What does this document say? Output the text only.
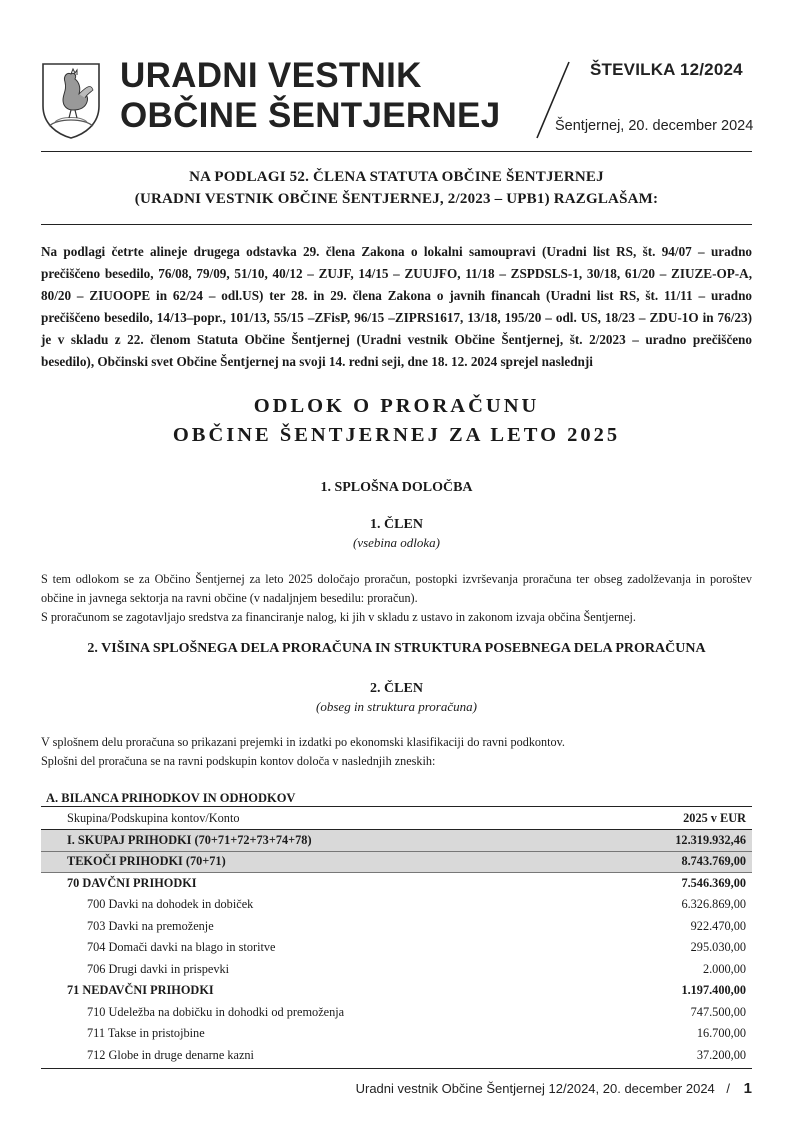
URADNI VESTNIK
OBČINE ŠENTJERNEJ
ŠTEVILKA 12/2024
Šentjernej, 20. december 2024
NA PODLAGI 52. ČLENA STATUTA OBČINE ŠENTJERNEJ
(URADNI VESTNIK OBČINE ŠENTJERNEJ, 2/2023 – UPB1) RAZGLAŠAM:
Na podlagi četrte alineje drugega odstavka 29. člena Zakona o lokalni samoupravi (Uradni list RS, št. 94/07 – uradno prečiščeno besedilo, 76/08, 79/09, 51/10, 40/12 – ZUJF, 14/15 – ZUUJFO, 11/18 – ZSPDSLS-1, 30/18, 61/20 – ZIUZE-OP-A, 80/20 – ZIUOOPE in 62/24 – odl.US) ter 28. in 29. člena Zakona o javnih financah (Uradni list RS, št. 11/11 – uradno prečiščeno besedilo, 14/13–popr., 101/13, 55/15 –ZFisP, 96/15 –ZIPRS1617, 13/18, 195/20 – odl. US, 18/23 – ZDU-1O in 76/23) je v skladu z 22. členom Statuta Občine Šentjernej (Uradni vestnik Občine Šentjernej, št. 2/2023 – uradno prečiščeno besedilo), Občinski svet Občine Šentjernej na svoji 14. redni seji, dne 18. 12. 2024 sprejel naslednji
ODLOK O PRORAČUNU
OBČINE ŠENTJERNEJ ZA LETO 2025
1. SPLOŠNA DOLOČBA
1. ČLEN
(vsebina odloka)

S tem odlokom se za Občino Šentjernej za leto 2025 določajo proračun, postopki izvrševanja proračuna ter obseg zadolževanja in poroštev občine in javnega sektorja na ravni občine (v nadaljnjem besedilu: proračun).

S proračunom se zagotavljajo sredstva za financiranje nalog, ki jih v skladu z ustavo in zakonom izvaja občina Šentjernej.

2. VIŠINA SPLOŠNEGA DELA PRORAČUNA IN STRUKTURA POSEBNEGA DELA PRORAČUNA
2. ČLEN
(obseg in struktura proračuna)

V splošnem delu proračuna so prikazani prejemki in izdatki po ekonomski klasifikaciji do ravni podkontov.

Splošni del proračuna se na ravni podskupin kontov določa v naslednjih zneskih:

A. BILANCA PRIHODKOV IN ODHODKOV
Skupina/Podskupina kontov/Konto	2025 v EUR
I. SKUPAJ PRIHODKI (70+71+72+73+74+78)	12.319.932,46
TEKOČI PRIHODKI (70+71)	8.743.769,00
70 DAVČNI PRIHODKI	7.546.369,00
700 Davki na dohodek in dobiček	6.326.869,00
703 Davki na premoženje	922.470,00
704 Domači davki na blago in storitve	295.030,00
706 Drugi davki in prispevki	2.000,00
71 NEDAVČNI PRIHODKI	1.197.400,00
710 Udeležba na dobičku in dohodki od premoženja	747.500,00
711 Takse in pristojbine	16.700,00
712 Globe in druge denarne kazni	37.200,00
Uradni vestnik Občine Šentjernej 12/2024, 20. december 2024 / 1
